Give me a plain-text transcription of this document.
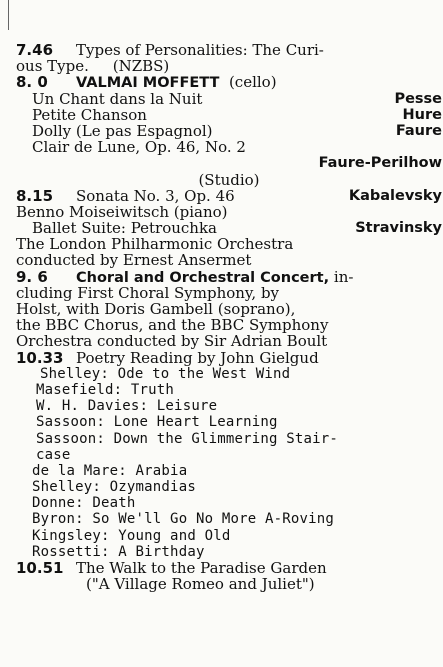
7.46	Types of Personalities: The Curi-
ous Type. (NZBS)
8. 0	VALMAI MOFFETT (cello)
Un Chant dans la Nuit	Pesse
Petite Chanson	Hure
Dolly (Le pas Espagnol)	Faure
Clair de Lune, Op. 46, No. 2
Faure-Perilhow
(Studio)
8.15 Sonata No. 3, Op. 46	Kabalevsky
Benno Moiseiwitsch (piano)
Ballet Suite: Petrouchka	Stravinsky
The London Philharmonic Orchestra
conducted by Ernest Ansermet
9. 6	Choral and Orchestral Concert, in-
cluding First Choral Symphony, by
Holst, with Doris Gambell (soprano),
the BBC Chorus, and the BBC Symphony
Orchestra conducted by Sir Adrian Boult
10.33 Poetry Reading by John Gielgud
Shelley: Ode to the West Wind
Masefield: Truth
W. H. Davies: Leisure
Sassoon: Lone Heart Learning
Sassoon: Down the Glimmering Stair-
case
de la Mare: Arabia
Shelley: Ozymandias
Donne: Death
Byron: So We'll Go No More A-Roving
Kingsley: Young and Old
Rossetti: A Birthday
10.51 The Walk to the Paradise Garden
("A Village Romeo and Juliet")
